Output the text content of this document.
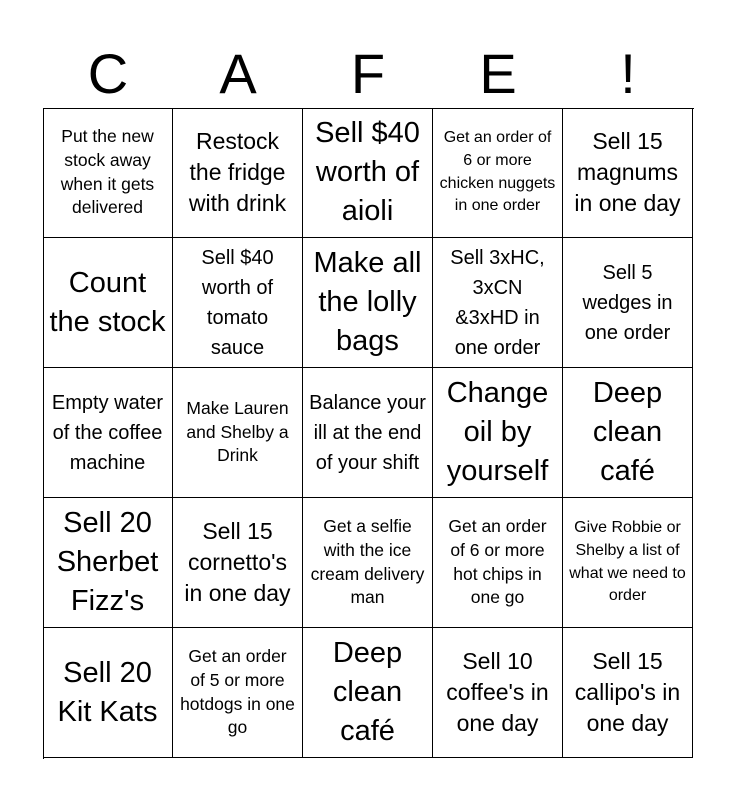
C	A	F	E	!
Put the new stock away when it gets delivered
Restock the fridge with drink
Sell $40 worth of aioli
Get an order of 6 or more chicken nuggets in one order
Sell 15 magnums in one day
Count the stock
Sell $40 worth of tomato sauce
Make all the lolly bags
Sell 3xHC, 3xCN &3xHD in one order
Sell 5 wedges in one order
Empty water of the coffee machine
Make Lauren and Shelby a Drink
Balance your ill at the end of your shift
Change oil by yourself
Deep clean café
Sell 20 Sherbet Fizz's
Sell 15 cornetto's in one day
Get a selfie with the ice cream delivery man
Get an order of 6 or more hot chips in one go
Give Robbie or Shelby a list of what we need to order
Sell 20 Kit Kats
Get an order of 5 or more hotdogs in one go
Deep clean café
Sell 10 coffee's in one day
Sell 15 callipo's in one day
